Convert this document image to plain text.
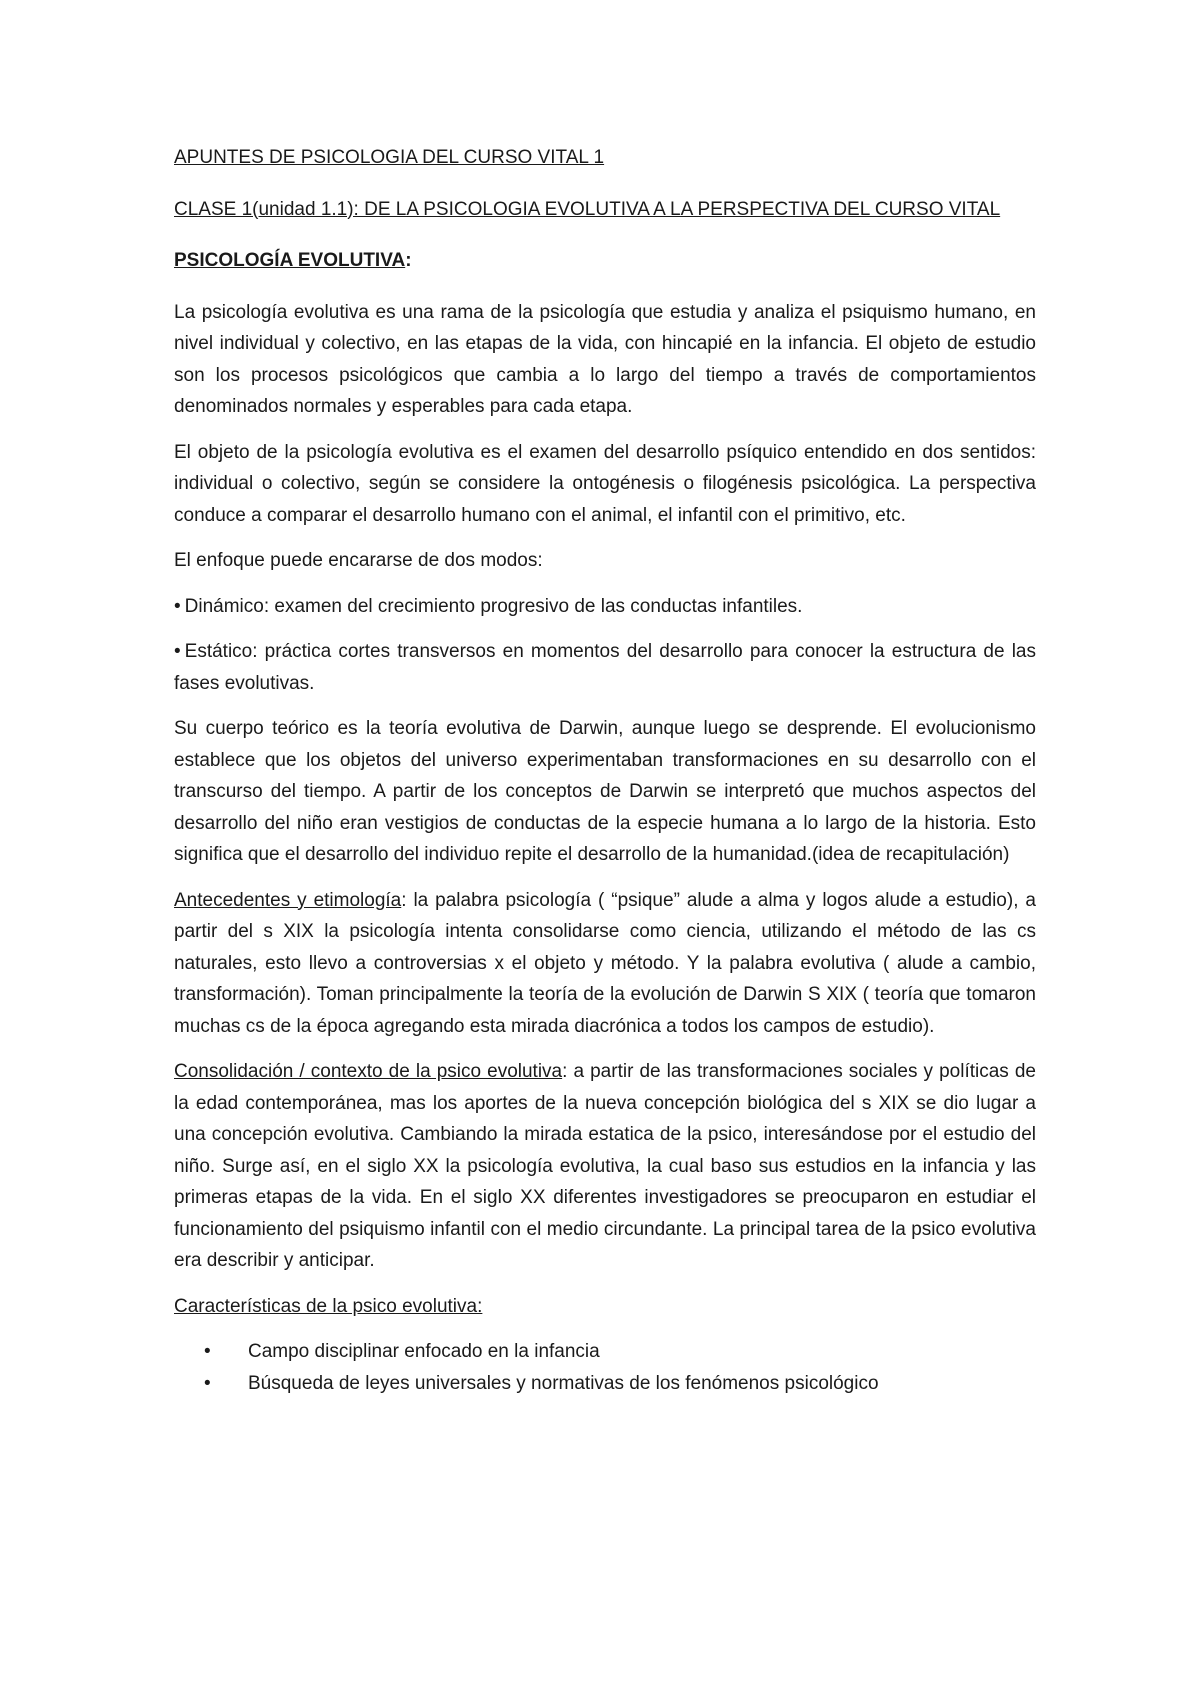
APUNTES DE PSICOLOGIA DEL CURSO VITAL 1
CLASE 1(unidad 1.1): DE LA PSICOLOGIA EVOLUTIVA A LA PERSPECTIVA DEL CURSO VITAL
PSICOLOGÍA EVOLUTIVA:

La psicología evolutiva es una rama de la psicología que estudia y analiza el psiquismo humano, en nivel individual y colectivo, en las etapas de la vida, con hincapié en la infancia. El objeto de estudio son los procesos psicológicos que cambia a lo largo del tiempo a través de comportamientos denominados normales y esperables para cada etapa.

El objeto de la psicología evolutiva es el examen del desarrollo psíquico entendido en dos sentidos: individual o colectivo, según se considere la ontogénesis o filogénesis psicológica. La perspectiva conduce a comparar el desarrollo humano con el animal, el infantil con el primitivo, etc.

El enfoque puede encararse de dos modos:

• Dinámico: examen del crecimiento progresivo de las conductas infantiles.
• Estático: práctica cortes transversos en momentos del desarrollo para conocer la estructura de las fases evolutivas.

Su cuerpo teórico es la teoría evolutiva de Darwin, aunque luego se desprende. El evolucionismo establece que los objetos del universo experimentaban transformaciones en su desarrollo con el transcurso del tiempo. A partir de los conceptos de Darwin se interpretó que muchos aspectos del desarrollo del niño eran vestigios de conductas de la especie humana a lo largo de la historia. Esto significa que el desarrollo del individuo repite el desarrollo de la humanidad.(idea de recapitulación)

Antecedentes y etimología: la palabra psicología ( “psique” alude a alma y logos alude a estudio), a partir del s XIX la psicología intenta consolidarse como ciencia, utilizando el método de las cs naturales, esto llevo a controversias x el objeto y método. Y la palabra evolutiva ( alude a cambio, transformación). Toman principalmente la teoría de la evolución de Darwin S XIX ( teoría que tomaron muchas cs de la época agregando esta mirada diacrónica a todos los campos de estudio).

Consolidación / contexto de la psico evolutiva: a partir de las transformaciones sociales y políticas de la edad contemporánea, mas los aportes de la nueva concepción biológica del s XIX se dio lugar a una concepción evolutiva. Cambiando la mirada estatica de la psico, interesándose por el estudio del niño. Surge así, en el siglo XX la psicología evolutiva, la cual baso sus estudios en la infancia y las primeras etapas de la vida. En el siglo XX diferentes investigadores se preocuparon en estudiar el funcionamiento del psiquismo infantil con el medio circundante. La principal tarea de la psico evolutiva era describir y anticipar.

Características de la psico evolutiva:
• Campo disciplinar enfocado en la infancia
• Búsqueda de leyes universales y normativas de los fenómenos psicológico
